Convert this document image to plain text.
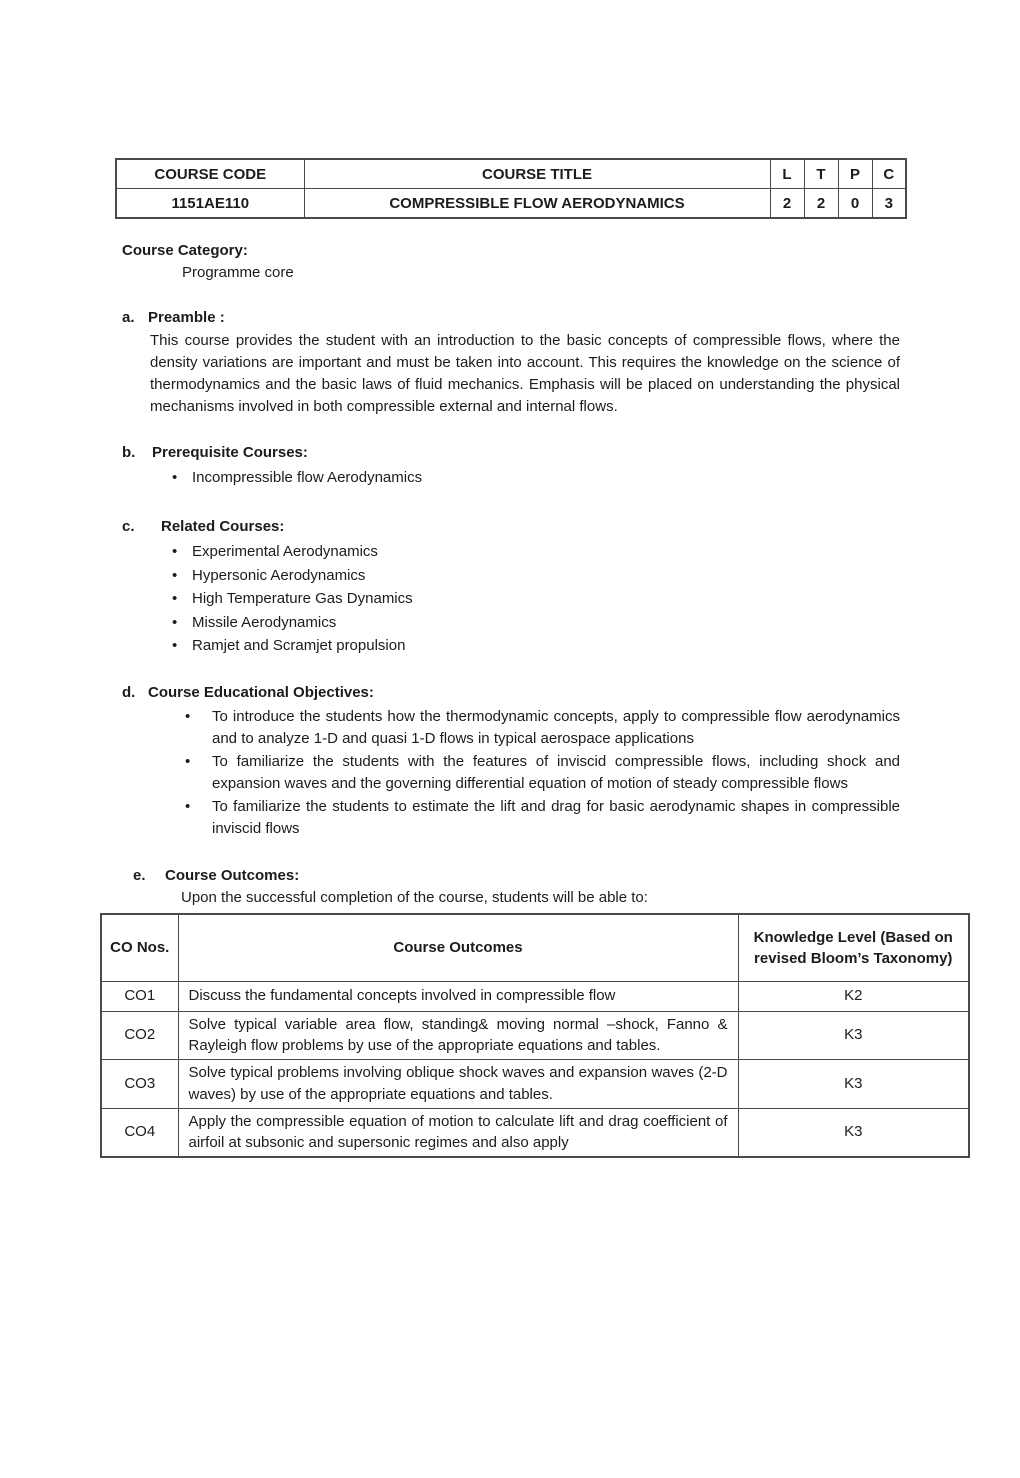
COURSE CODE	COURSE TITLE	L	T	P	C
1151AE110	COMPRESSIBLE FLOW AERODYNAMICS	2	2	0	3
Course Category:
Programme core
a. Preamble :

This course provides the student with an introduction to the basic concepts of compressible flows, where the density variations are important and must be taken into account. This requires the knowledge on the science of thermodynamics and the basic laws of fluid mechanics. Emphasis will be placed on understanding the physical mechanisms involved in both compressible external and internal flows.

b.	Prerequisite Courses:
• Incompressible flow Aerodynamics
c.	Related Courses:
• Experimental Aerodynamics
• Hypersonic Aerodynamics
• High Temperature Gas Dynamics
• Missile Aerodynamics
• Ramjet and Scramjet propulsion
d. Course Educational Objectives:
• To introduce the students how the thermodynamic concepts, apply to compressible flow aerodynamics and to analyze 1-D and quasi 1-D flows in typical aerospace applications
• To familiarize the students with the features of inviscid compressible flows, including shock and expansion waves and the governing differential equation of motion of steady compressible flows
• To familiarize the students to estimate the lift and drag for basic aerodynamic shapes in compressible inviscid flows
e.	Course Outcomes:
Upon the successful completion of the course, students will be able to:
CO Nos.	Course Outcomes	Knowledge Level (Based on revised Bloom’s Taxonomy)
CO1	Discuss the fundamental concepts involved in compressible flow	K2
CO2	Solve typical variable area flow, standing& moving normal –shock, Fanno & Rayleigh flow problems by use of the appropriate equations and tables.	K3
CO3	Solve typical problems involving oblique shock waves and expansion waves (2-D waves) by use of the appropriate equations and tables.	K3
CO4	Apply the compressible equation of motion to calculate lift and drag coefficient of airfoil at subsonic and supersonic regimes and also apply	K3
